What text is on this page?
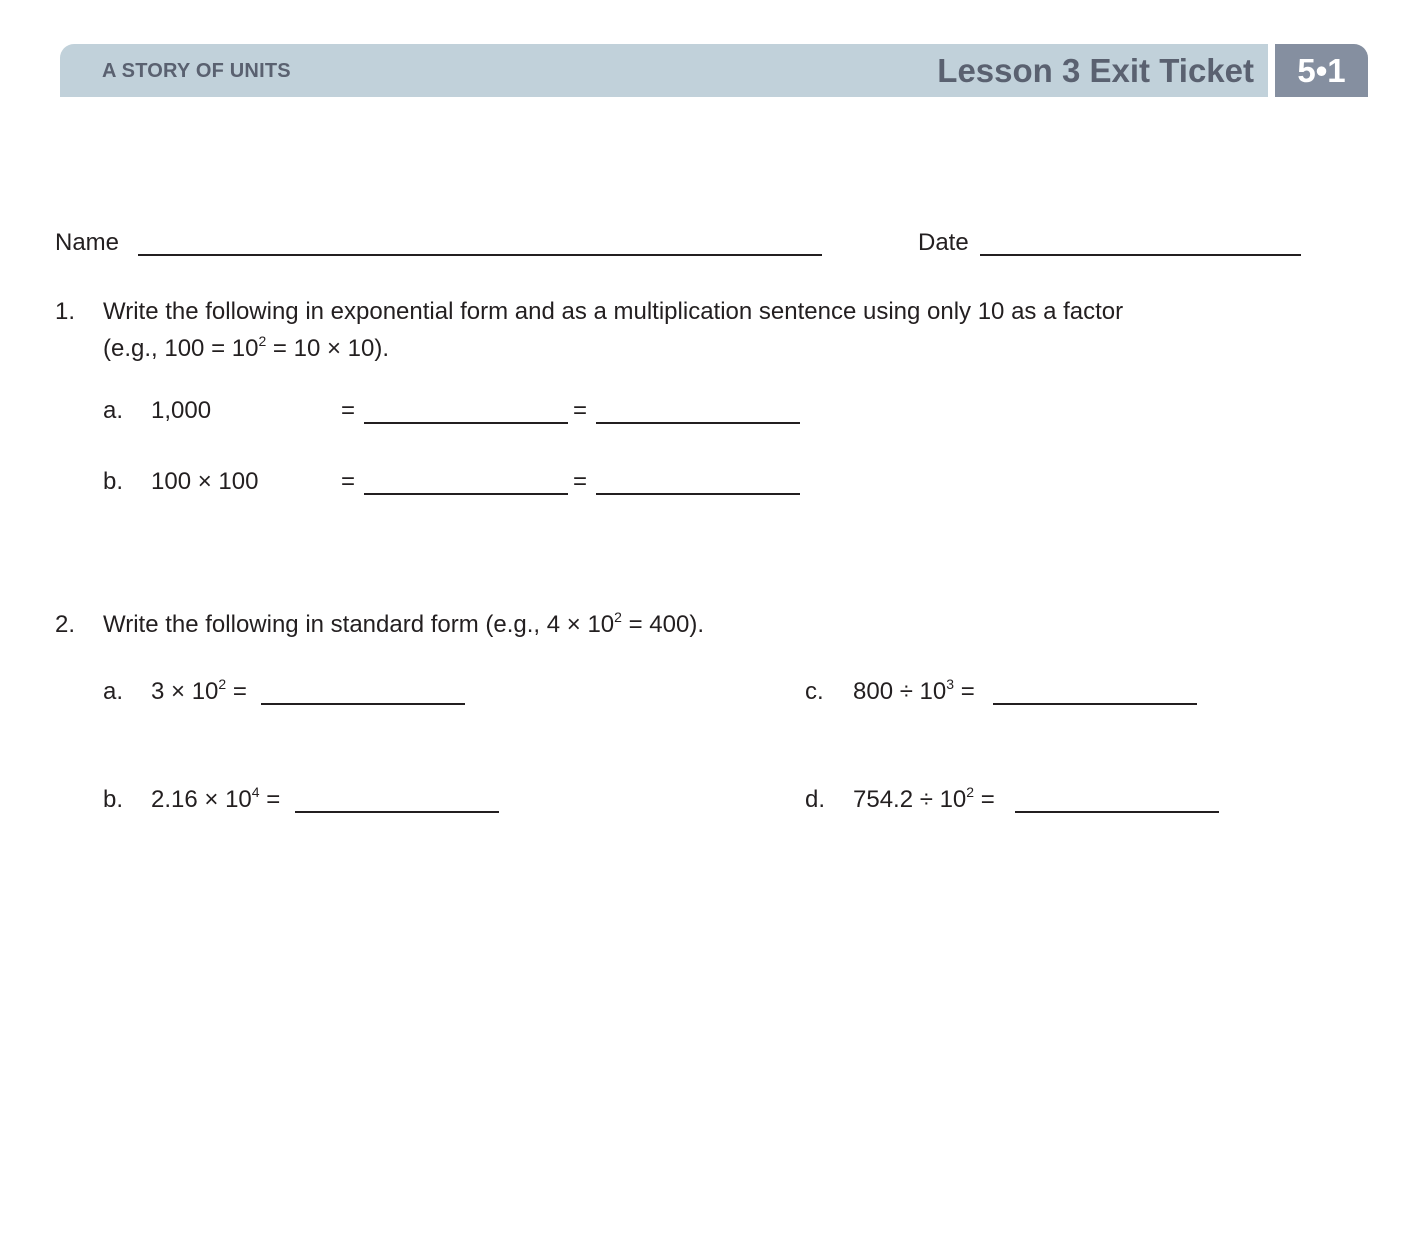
A STORY OF UNITS	Lesson 3 Exit Ticket	5•1
Name	Date
1. Write the following in exponential form and as a multiplication sentence using only 10 as a factor
(e.g., $100 = 10^2 = 10 \times 10$).
a. 1,000	=	=
b. 100 × 100	=	=
2. Write the following in standard form (e.g., $4 \times 10^2 = 400$).
a. $3 \times 10^2$ =
b. $2.16 \times 10^4$ =
c. $800 \div 10^3$ =
d. $754.2 \div 10^2$ =
